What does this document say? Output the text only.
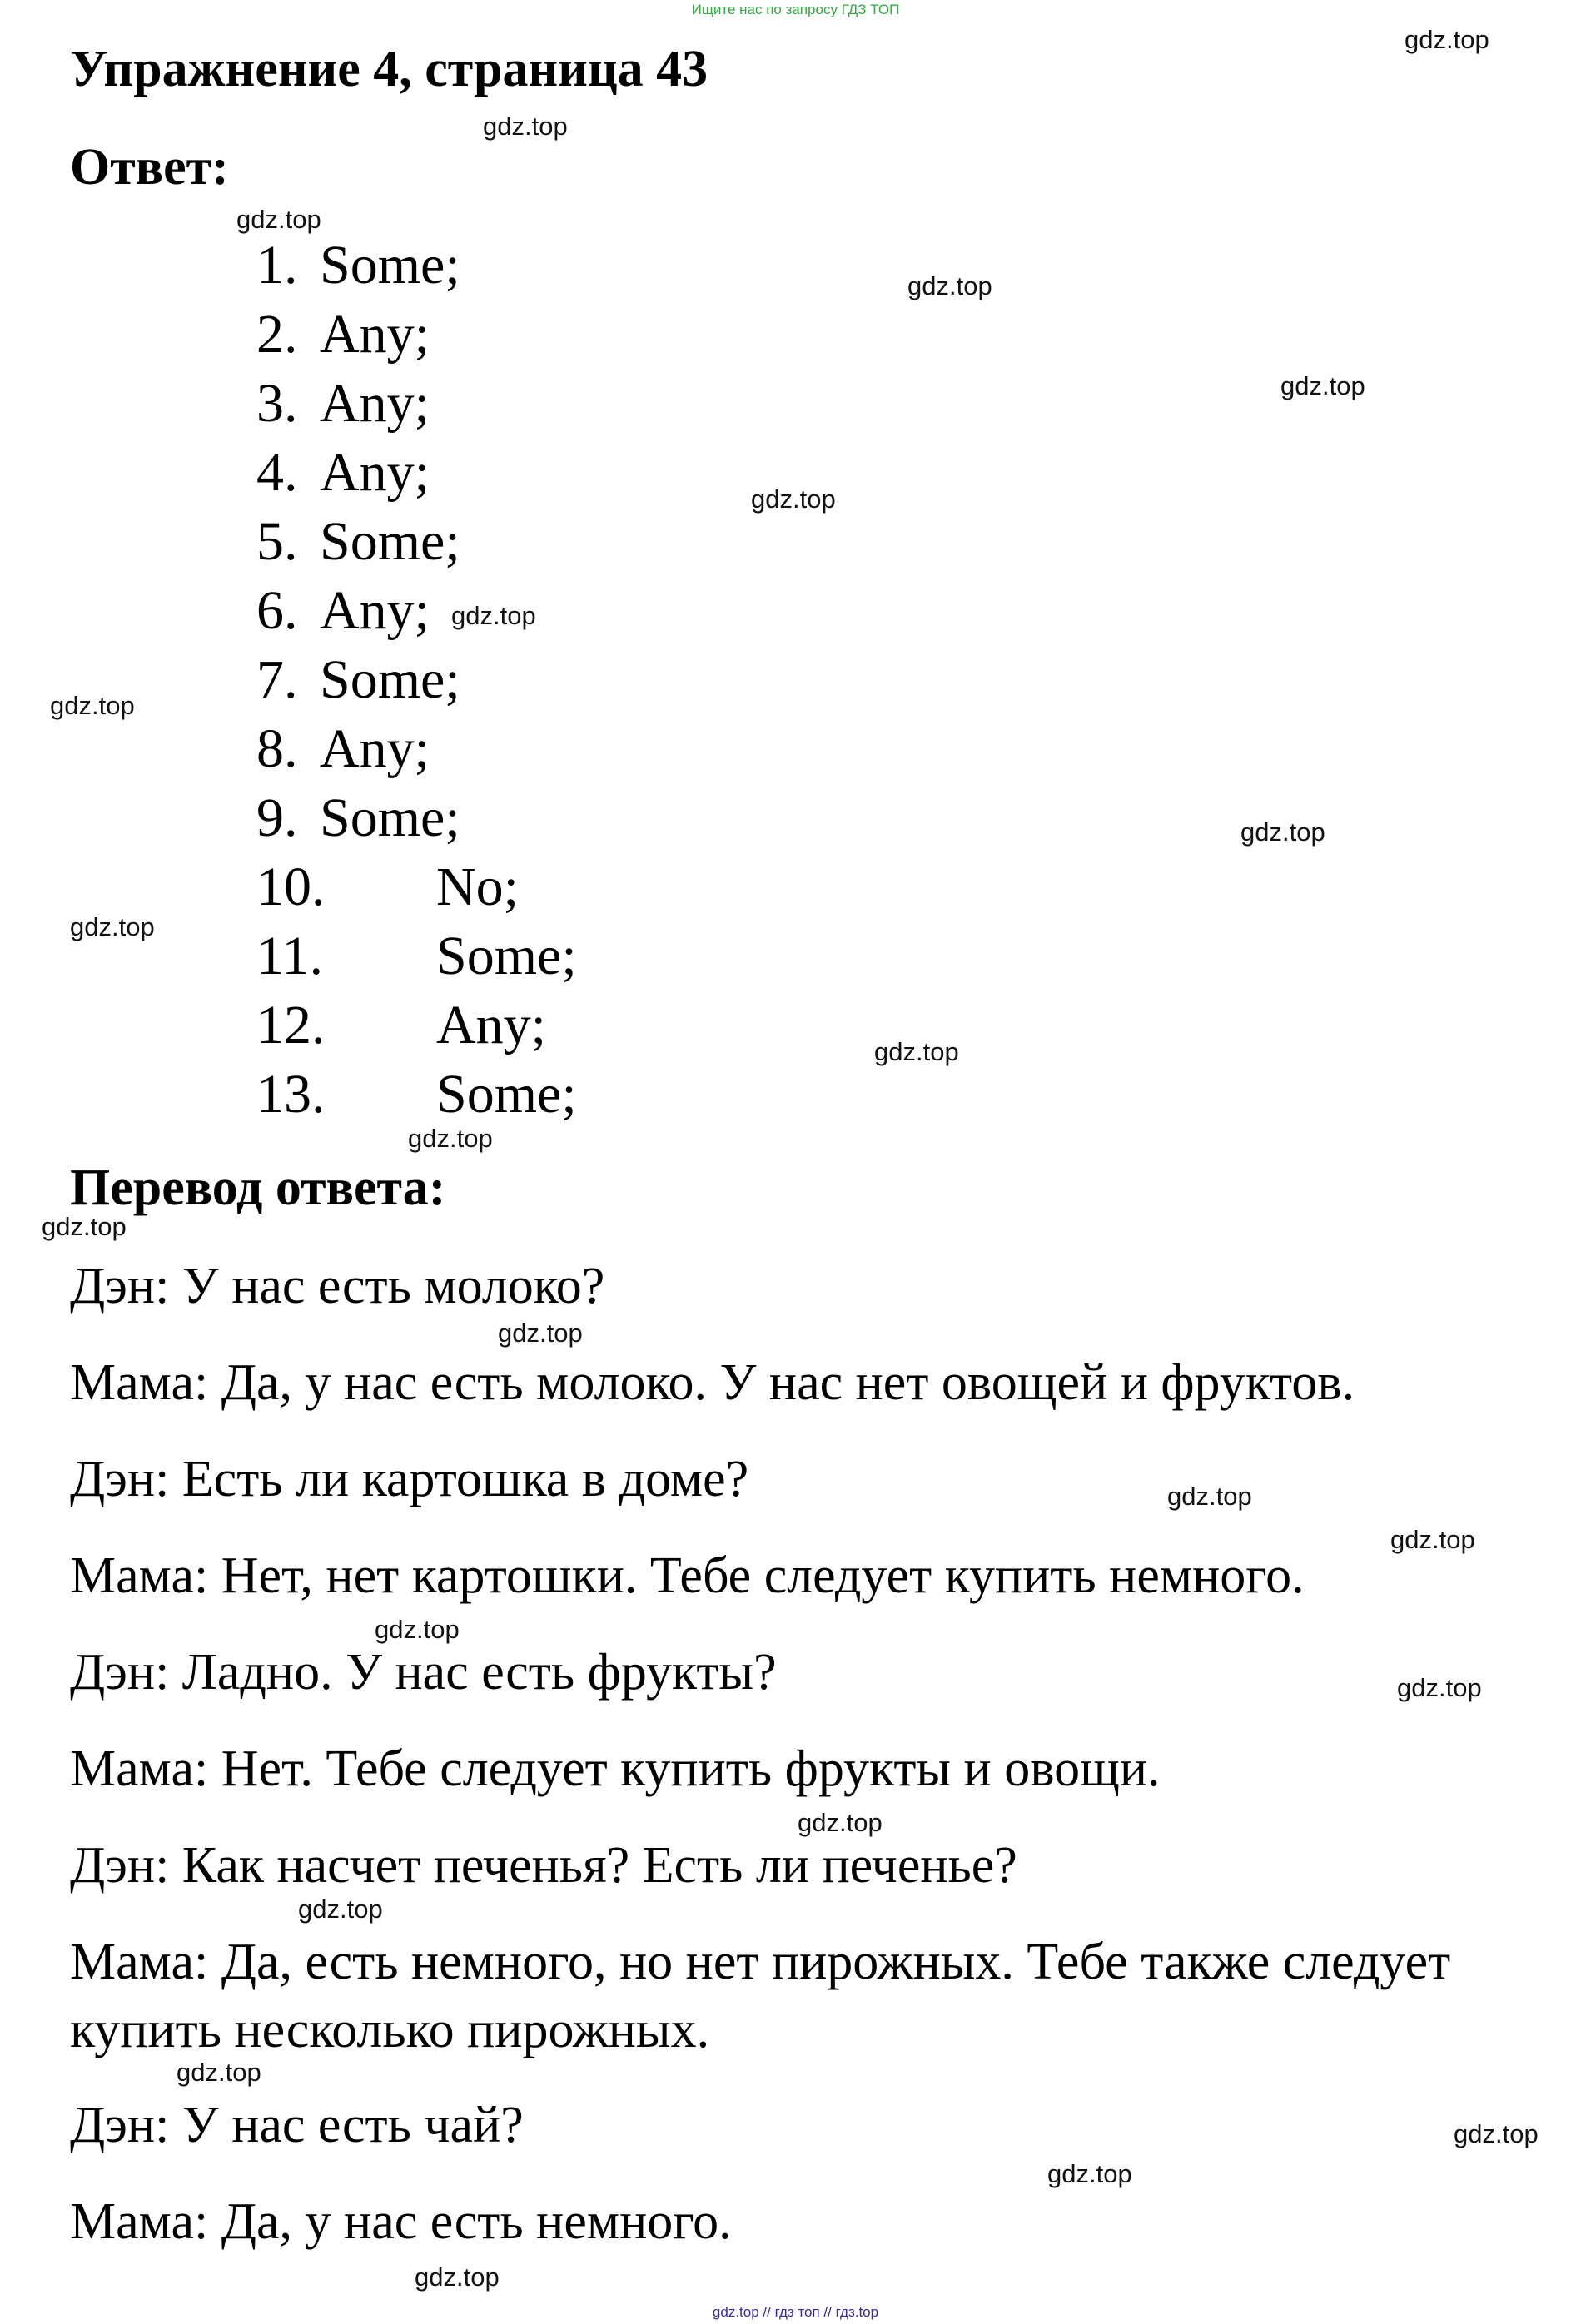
Ищите нас по запросу ГДЗ ТОП
Упражнение 4, страница 43
Ответ:
1. Some;
2. Any;
3. Any;
4. Any;
5. Some;
6. Any;
7. Some;
8. Any;
9. Some;
10. No;
11. Some;
12. Any;
13. Some;
Перевод ответа:
Дэн: У нас есть молоко?
Мама: Да, у нас есть молоко. У нас нет овощей и фруктов.
Дэн: Есть ли картошка в доме?
Мама: Нет, нет картошки. Тебе следует купить немного.
Дэн: Ладно. У нас есть фрукты?
Мама: Нет. Тебе следует купить фрукты и овощи.
Дэн: Как насчет печенья? Есть ли печенье?
Мама: Да, есть немного, но нет пирожных. Тебе также следует
купить несколько пирожных.
Дэн: У нас есть чай?
Мама: Да, у нас есть немного.
gdz.top
gdz.top
gdz.top
gdz.top
gdz.top
gdz.top
gdz.top
gdz.top
gdz.top
gdz.top
gdz.top
gdz.top
gdz.top
gdz.top
gdz.top
gdz.top
gdz.top
gdz.top
gdz.top
gdz.top
gdz.top
gdz.top
gdz.top
gdz.top
gdz.top // гдз топ // гдз.top
